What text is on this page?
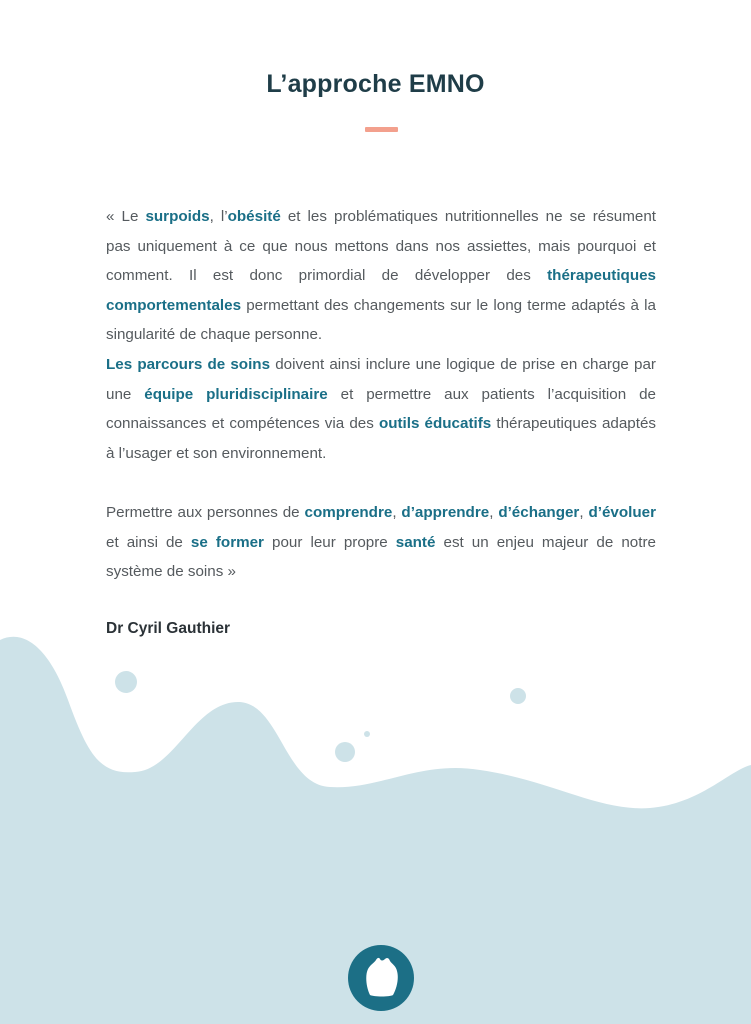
L’approche EMNO

« Le surpoids, l’obésité et les problématiques nutritionnelles ne se résument pas uniquement à ce que nous mettons dans nos assiettes, mais pourquoi et comment. Il est donc primordial de développer des thérapeutiques comportementales permettant des changements sur le long terme adaptés à la singularité de chaque personne.

Les parcours de soins doivent ainsi inclure une logique de prise en charge par une équipe pluridisciplinaire et permettre aux patients l’acquisition de connaissances et compétences via des outils éducatifs thérapeutiques adaptés à l’usager et son environnement.

Permettre aux personnes de comprendre, d’apprendre, d’échanger, d’évoluer et ainsi de se former pour leur propre santé est un enjeu majeur de notre système de soins »

Dr Cyril Gauthier
